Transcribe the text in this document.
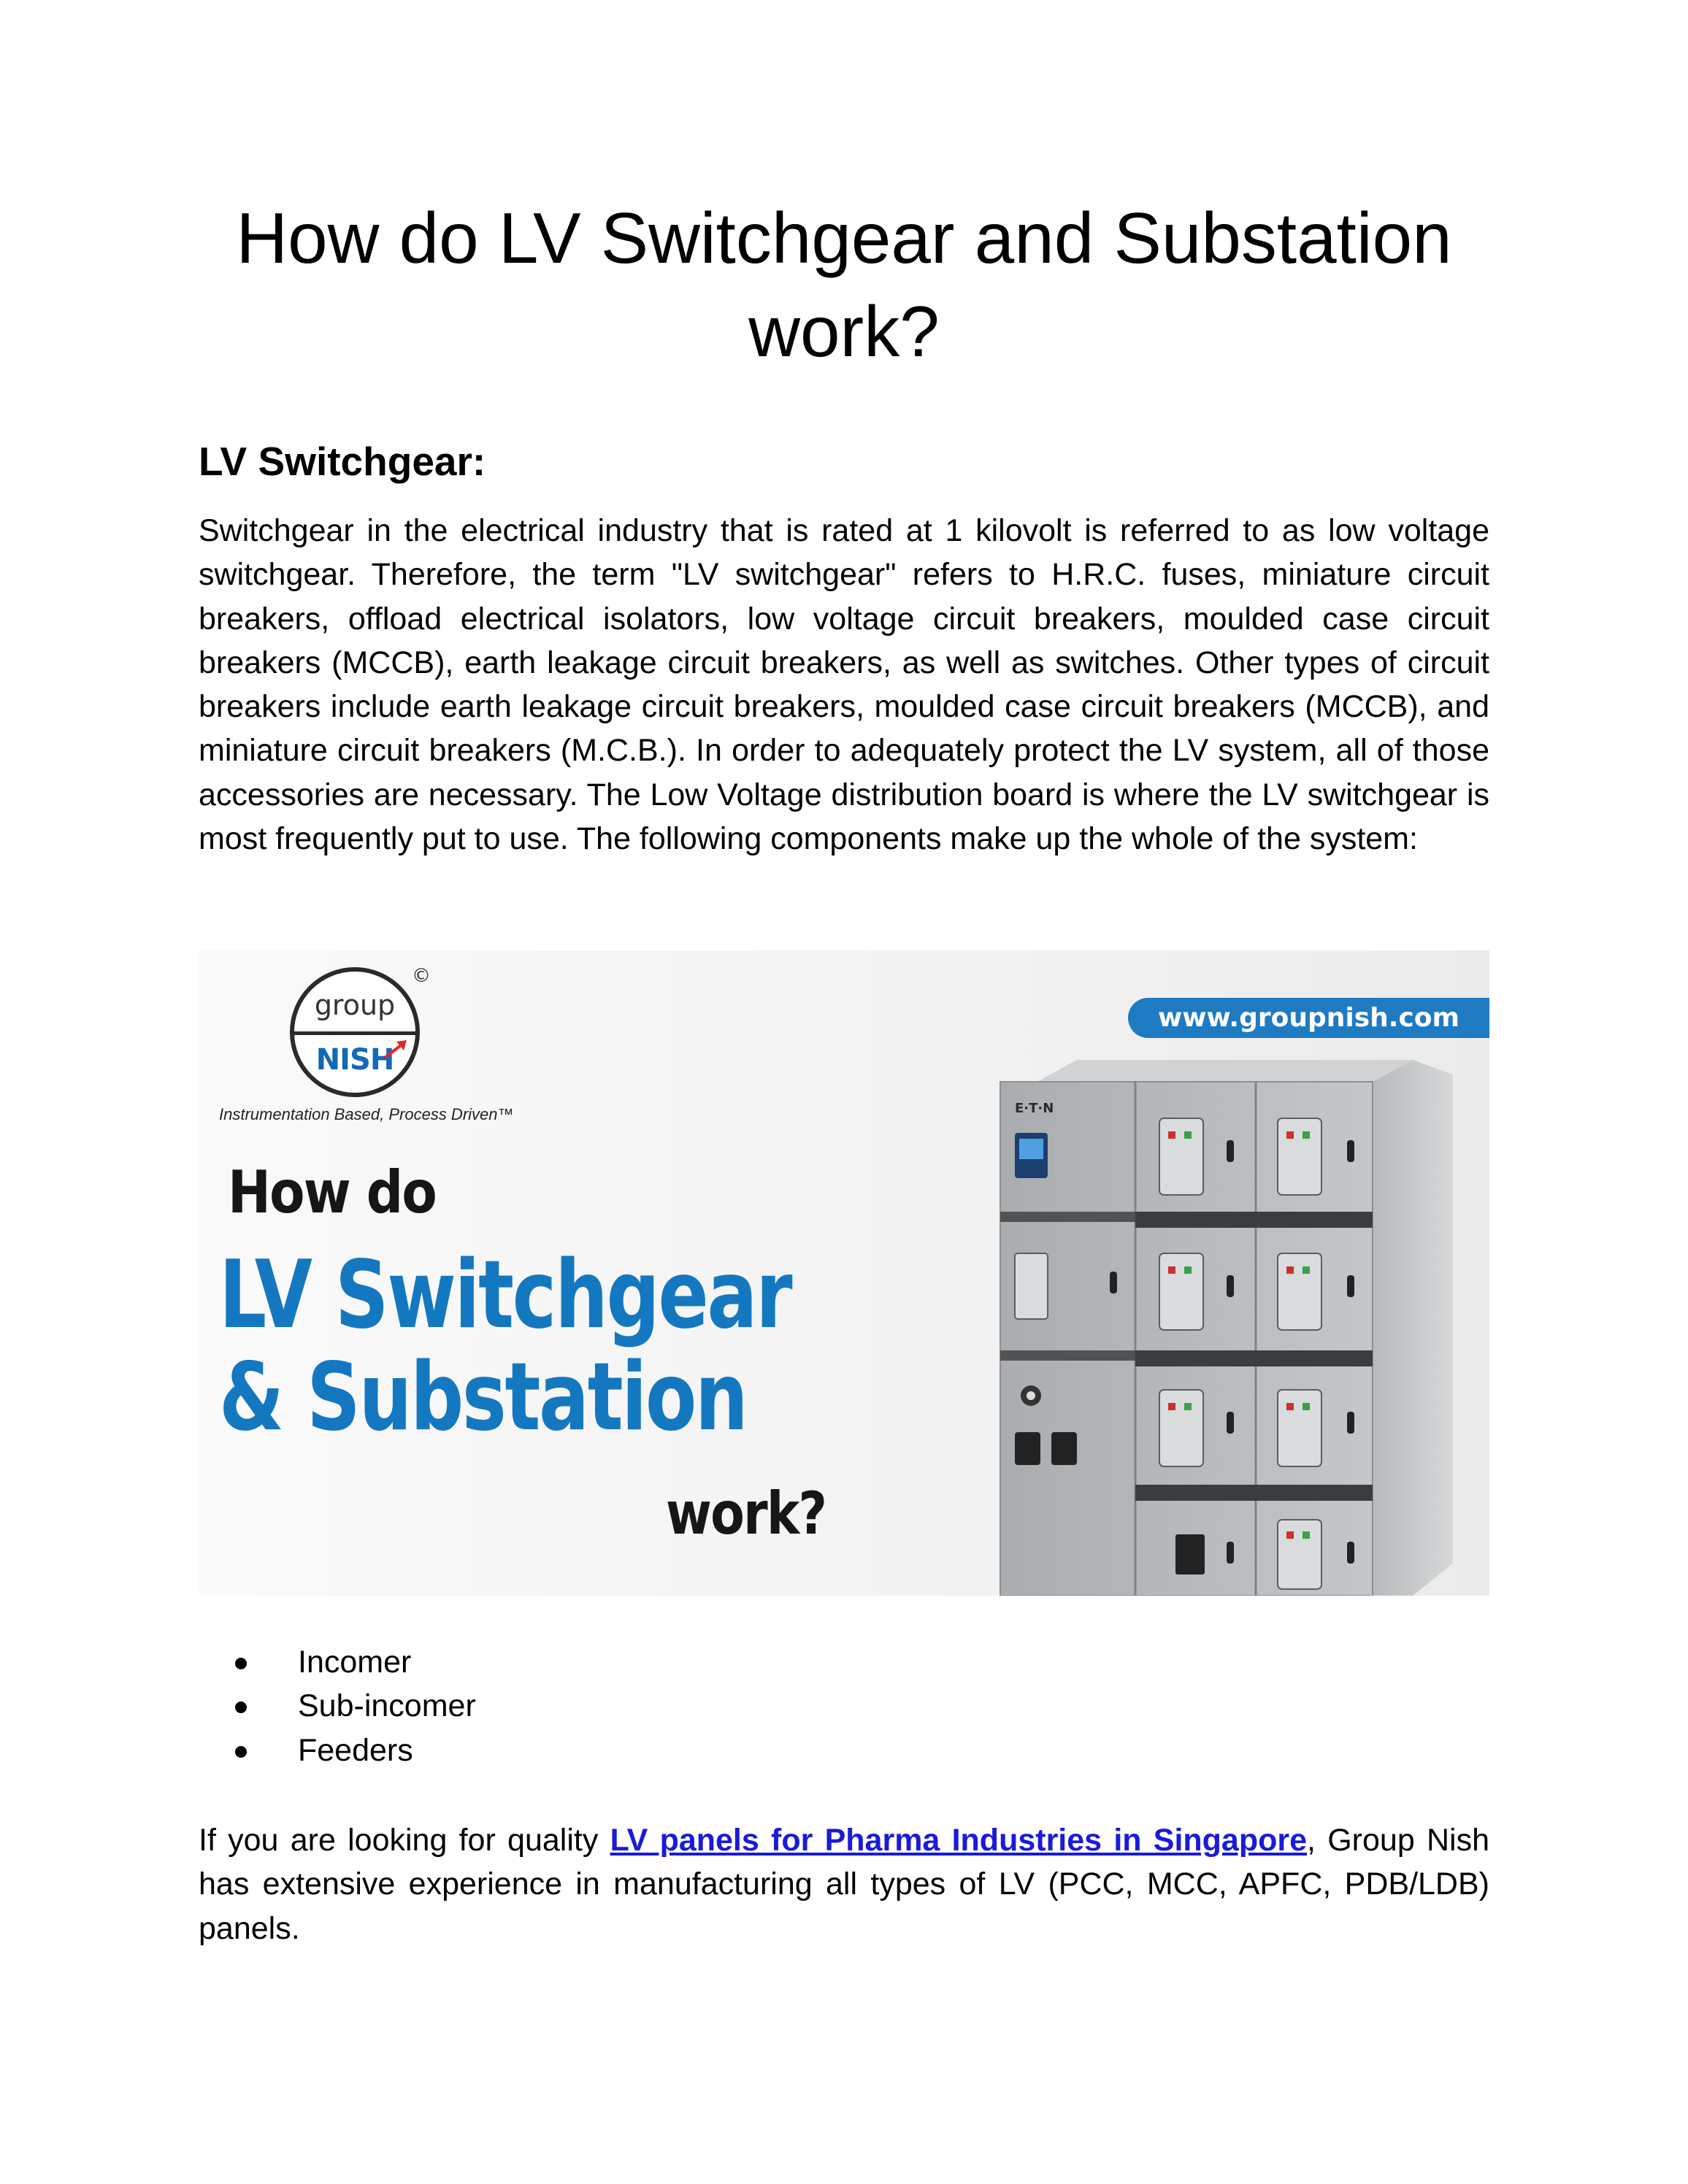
How do LV Switchgear and Substation work?
LV Switchgear:

Switchgear in the electrical industry that is rated at 1 kilovolt is referred to as low voltage switchgear. Therefore, the term "LV switchgear" refers to H.R.C. fuses, miniature circuit breakers, offload electrical isolators, low voltage circuit breakers, moulded case circuit breakers (MCCB), earth leakage circuit breakers, as well as switches. Other types of circuit breakers include earth leakage circuit breakers, moulded case circuit breakers (MCCB), and miniature circuit breakers (M.C.B.). In order to adequately protect the LV system, all of those accessories are necessary. The Low Voltage distribution board is where the LV switchgear is most frequently put to use. The following components make up the whole of the system:

www.groupnish.com
group
NISH
©
Instrumentation Based, Process Driven™
How do
LV Switchgear
& Substation
work?
E·T·N
Incomer
Sub-incomer
Feeders

If you are looking for quality LV panels for Pharma Industries in Singapore, Group Nish has extensive experience in manufacturing all types of LV (PCC, MCC, APFC, PDB/LDB) panels.
